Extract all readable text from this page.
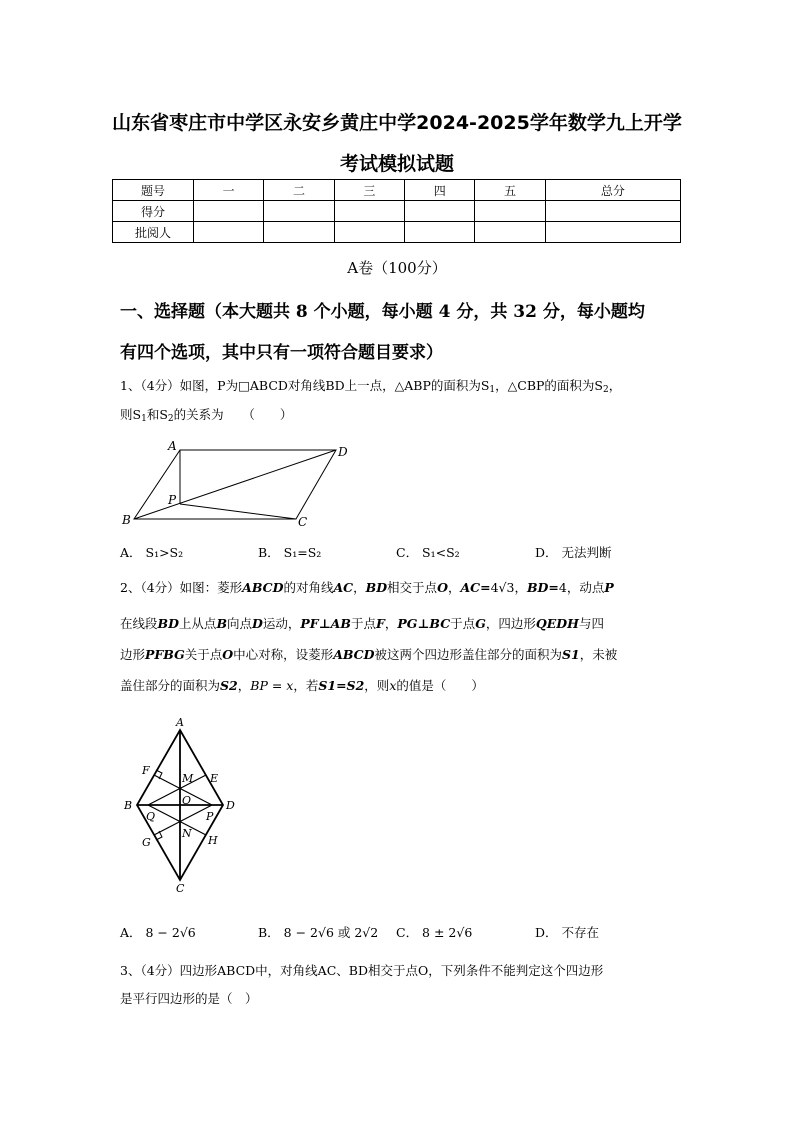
山东省枣庄市中学区永安乡黄庄中学2024-2025学年数学九上开学
考试模拟试题
题号	一	二	三	四	五	总分
得分						
批阅人						
A卷（100分）
一、选择题（本大题共 8 个小题，每小题 4 分，共 32 分，每小题均
有四个选项，其中只有一项符合题目要求）
1、（4分）如图，P为□ABCD对角线BD上一点，△ABP的面积为$S_1$，△CBP的面积为$S_2$，
则$S_1$和$S_2$的关系为　　（　　）
A	D
B	C
P
A． S₁>S₂	B． S₁=S₂	C． S₁<S₂	D． 无法判断
2、（4分）如图：菱形ABCD的对角线AC，BD相交于点O，AC=4√3，BD=4，动点P
在线段BD上从点B向点D运动，PF⊥AB于点F，PG⊥BC于点G，四边形QEDH与四
边形PFBG关于点O中心对称，设菱形ABCD被这两个四边形盖住部分的面积为S1，未被
盖住部分的面积为S2，BP = x，若S1=S2，则x的值是（　　）
A
B	D
C
F
E
G	H
M
N
O
P
Q
A． 8 − 2√6	B． 8 − 2√6 或 2√2 C． 8 ± 2√6	D． 不存在
3、（4分）四边形ABCD中，对角线AC、BD相交于点O，下列条件不能判定这个四边形
是平行四边形的是（　）
